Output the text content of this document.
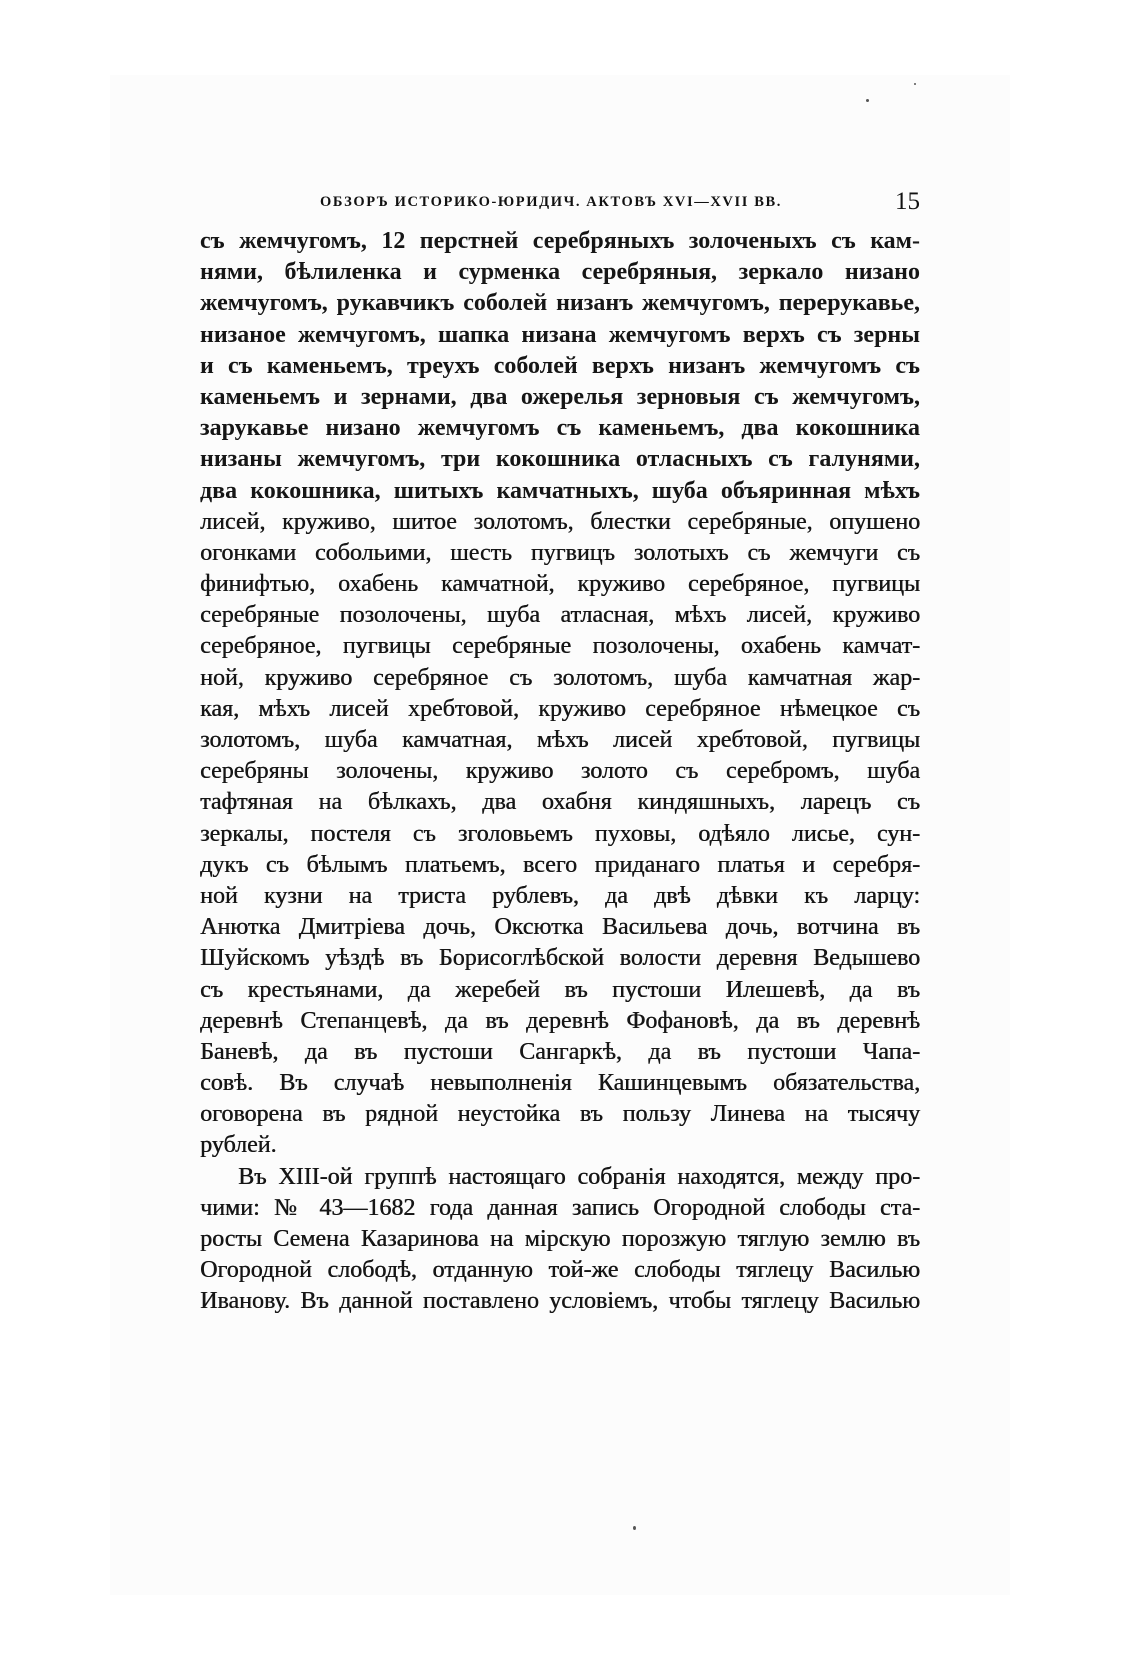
ОБЗОРЪ ИСТОРИКО-ЮРИДИЧ. АКТОВЪ XVI—XVII ВВ.	15
съ жемчугомъ, 12 перстней серебряныхъ золоченыхъ съ кам-
нями, бѣлиленка и сурменка серебряныя, зеркало низано
жемчугомъ, рукавчикъ соболей низанъ жемчугомъ, перерукавье,
низаное жемчугомъ, шапка низана жемчугомъ верхъ съ зерны
и съ каменьемъ, треухъ соболей верхъ низанъ жемчугомъ съ
каменьемъ и зернами, два ожерелья зерновыя съ жемчугомъ,
зарукавье низано жемчугомъ съ каменьемъ, два кокошника
низаны жемчугомъ, три кокошника отласныхъ съ галунями,
два кокошника, шитыхъ камчатныхъ, шуба объяринная мѣхъ
лисей, круживо, шитое золотомъ, блестки серебряные, опушено
огонками собольими, шесть пугвицъ золотыхъ съ жемчуги съ
финифтью, охабень камчатной, круживо серебряное, пугвицы
серебряные позолочены, шуба атласная, мѣхъ лисей, круживо
серебряное, пугвицы серебряные позолочены, охабень камчат-
ной, круживо серебряное съ золотомъ, шуба камчатная жар-
кая, мѣхъ лисей хребтовой, круживо серебряное нѣмецкое съ
золотомъ, шуба камчатная, мѣхъ лисей хребтовой, пугвицы
серебряны золочены, круживо золото съ серебромъ, шуба
тафтяная на бѣлкахъ, два охабня киндяшныхъ, ларецъ съ
зеркалы, постеля съ зголовьемъ пуховы, одѣяло лисье, сун-
дукъ съ бѣлымъ платьемъ, всего приданаго платья и серебря-
ной кузни на триста рублевъ, да двѣ дѣвки къ ларцу:
Анютка Дмитріева дочь, Оксютка Васильева дочь, вотчина въ
Шуйскомъ уѣздѣ въ Борисоглѣбской волости деревня Ведышево
съ крестьянами, да жеребей въ пустоши Илешевѣ, да въ
деревнѣ Степанцевѣ, да въ деревнѣ Фофановѣ, да въ деревнѣ
Баневѣ, да въ пустоши Сангаркѣ, да въ пустоши Чапа-
совѣ. Въ случаѣ невыполненія Кашинцевымъ обязательства,
оговорена въ рядной неустойка въ пользу Линева на тысячу
рублей.
Въ XIII-ой группѣ настоящаго собранія находятся, между про-
чими: № 43—1682 года данная запись Огородной слободы ста-
росты Семена Казаринова на мірскую порозжую тяглую землю въ
Огородной слободѣ, отданную той-же слободы тяглецу Василью
Иванову. Въ данной поставлено условіемъ, чтобы тяглецу Василью
